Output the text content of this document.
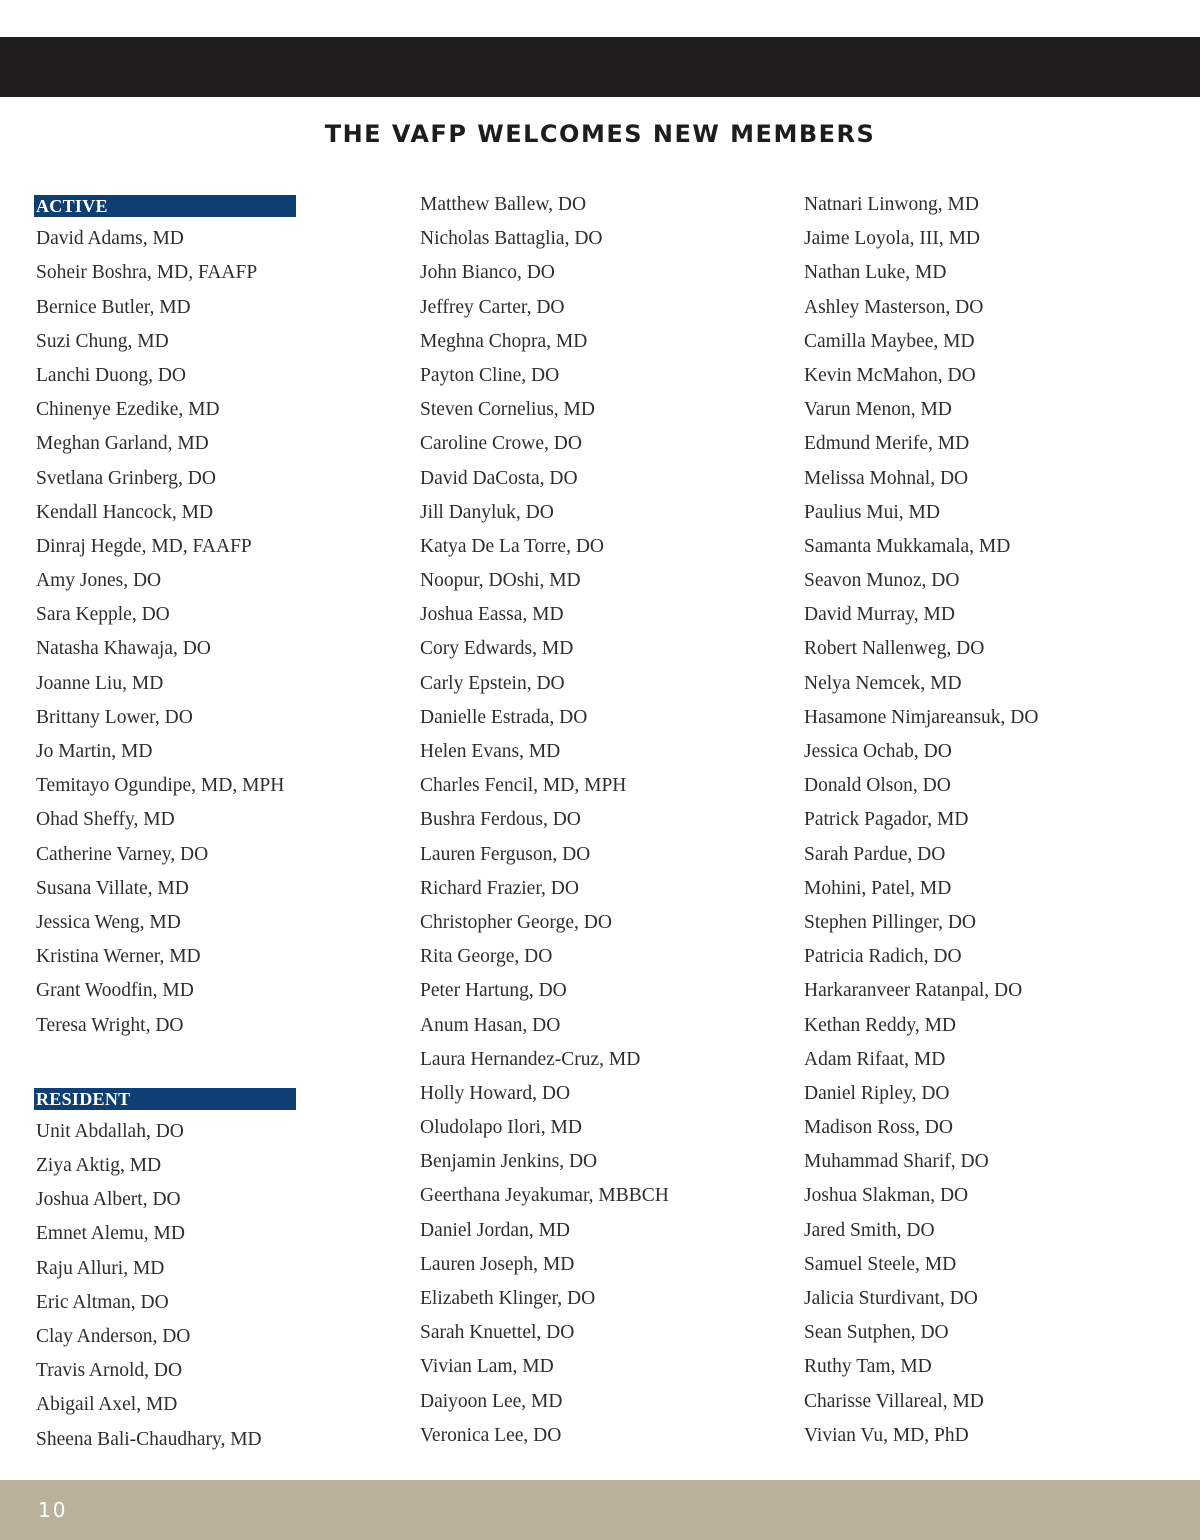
THE VAFP WELCOMES NEW MEMBERS
ACTIVE
David Adams, MD
Soheir Boshra, MD, FAAFP
Bernice Butler, MD
Suzi Chung, MD
Lanchi Duong, DO
Chinenye Ezedike, MD
Meghan Garland, MD
Svetlana Grinberg, DO
Kendall Hancock, MD
Dinraj Hegde, MD, FAAFP
Amy Jones, DO
Sara Kepple, DO
Natasha Khawaja, DO
Joanne Liu, MD
Brittany Lower, DO
Jo Martin, MD
Temitayo Ogundipe, MD, MPH
Ohad Sheffy, MD
Catherine Varney, DO
Susana Villate, MD
Jessica Weng, MD
Kristina Werner, MD
Grant Woodfin, MD
Teresa Wright, DO
RESIDENT
Unit Abdallah, DO
Ziya Aktig, MD
Joshua Albert, DO
Emnet Alemu, MD
Raju Alluri, MD
Eric Altman, DO
Clay Anderson, DO
Travis Arnold, DO
Abigail Axel, MD
Sheena Bali-Chaudhary, MD
Matthew Ballew, DO
Nicholas Battaglia, DO
John Bianco, DO
Jeffrey Carter, DO
Meghna Chopra, MD
Payton Cline, DO
Steven Cornelius, MD
Caroline Crowe, DO
David DaCosta, DO
Jill Danyluk, DO
Katya De La Torre, DO
Noopur, DOshi, MD
Joshua Eassa, MD
Cory Edwards, MD
Carly Epstein, DO
Danielle Estrada, DO
Helen Evans, MD
Charles Fencil, MD, MPH
Bushra Ferdous, DO
Lauren Ferguson, DO
Richard Frazier, DO
Christopher George, DO
Rita George, DO
Peter Hartung, DO
Anum Hasan, DO
Laura Hernandez-Cruz, MD
Holly Howard, DO
Oludolapo Ilori, MD
Benjamin Jenkins, DO
Geerthana Jeyakumar, MBBCH
Daniel Jordan, MD
Lauren Joseph, MD
Elizabeth Klinger, DO
Sarah Knuettel, DO
Vivian Lam, MD
Daiyoon Lee, MD
Veronica Lee, DO
Natnari Linwong, MD
Jaime Loyola, III, MD
Nathan Luke, MD
Ashley Masterson, DO
Camilla Maybee, MD
Kevin McMahon, DO
Varun Menon, MD
Edmund Merife, MD
Melissa Mohnal, DO
Paulius Mui, MD
Samanta Mukkamala, MD
Seavon Munoz, DO
David Murray, MD
Robert Nallenweg, DO
Nelya Nemcek, MD
Hasamone Nimjareansuk, DO
Jessica Ochab, DO
Donald Olson, DO
Patrick Pagador, MD
Sarah Pardue, DO
Mohini, Patel, MD
Stephen Pillinger, DO
Patricia Radich, DO
Harkaranveer Ratanpal, DO
Kethan Reddy, MD
Adam Rifaat, MD
Daniel Ripley, DO
Madison Ross, DO
Muhammad Sharif, DO
Joshua Slakman, DO
Jared Smith, DO
Samuel Steele, MD
Jalicia Sturdivant, DO
Sean Sutphen, DO
Ruthy Tam, MD
Charisse Villareal, MD
Vivian Vu, MD, PhD
10
